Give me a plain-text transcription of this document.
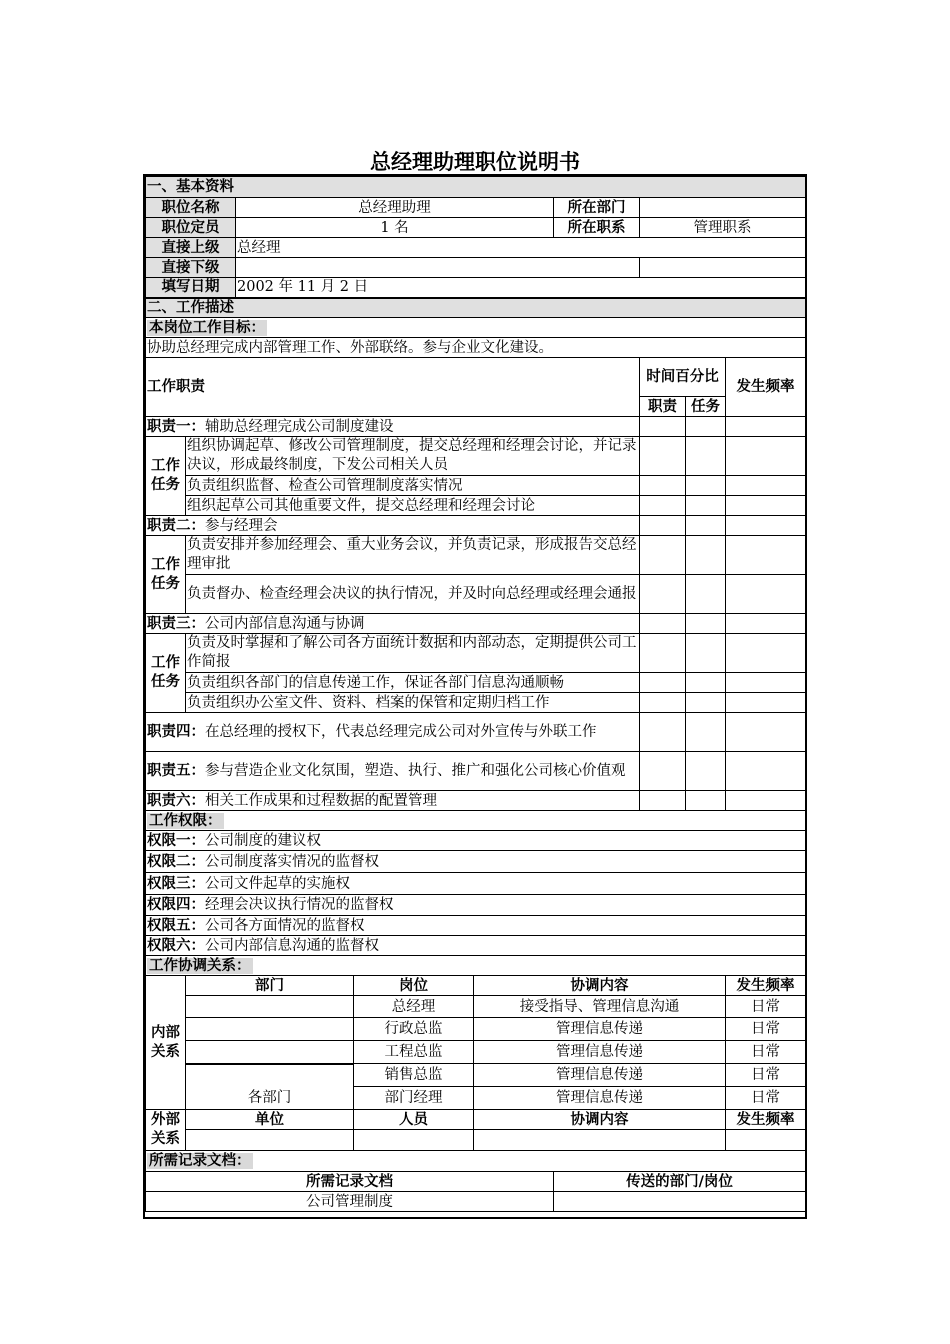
总经理助理职位说明书
一、基本资料								
职位名称		总经理助理			所在部门			
职位定员		1 名			所在职系	管理职系		
直接上级		总经理						
直接下级								
填写日期		2002 年 11 月 2 日						
二、工作描述								
本岗位工作目标：								
协助总经理完成内部管理工作、外部联络。参与企业文化建设。								
工作职责						时间百分比		发生频率
						职责	任务	
职责一：辅助总经理完成公司制度建设								
工作任务	组织协调起草、修改公司管理制度，提交总经理和经理会讨论，并记录决议，形成最终制度，下发公司相关人员							
	负责组织监督、检查公司管理制度落实情况							
	组织起草公司其他重要文件，提交总经理和经理会讨论							
职责二：参与经理会								
工作任务	负责安排并参加经理会、重大业务会议，并负责记录，形成报告交总经理审批							
	负责督办、检查经理会决议的执行情况，并及时向总经理或经理会通报							
职责三：公司内部信息沟通与协调								
工作任务	负责及时掌握和了解公司各方面统计数据和内部动态，定期提供公司工作简报							
	负责组织各部门的信息传递工作，保证各部门信息沟通顺畅							
	负责组织办公室文件、资料、档案的保管和定期归档工作							
职责四：在总经理的授权下，代表总经理完成公司对外宣传与外联工作								
职责五：参与营造企业文化氛围，塑造、执行、推广和强化公司核心价值观								
职责六：相关工作成果和过程数据的配置管理								
工作权限：								
权限一：公司制度的建议权								
权限二：公司制度落实情况的监督权								
权限三：公司文件起草的实施权								
权限四：经理会决议执行情况的监督权								
权限五：公司各方面情况的监督权								
权限六：公司内部信息沟通的监督权								
工作协调关系：								
内部关系	部门		岗位	协调内容				发生频率
			总经理	接受指导、管理信息沟通				日常
			行政总监	管理信息传递				日常
			工程总监	管理信息传递				日常
			销售总监	管理信息传递				日常
	各部门		部门经理	管理信息传递				日常
外部关系	单位		人员	协调内容				发生频率

所需记录文档：								
所需记录文档					传送的部门/岗位			
公司管理制度								
